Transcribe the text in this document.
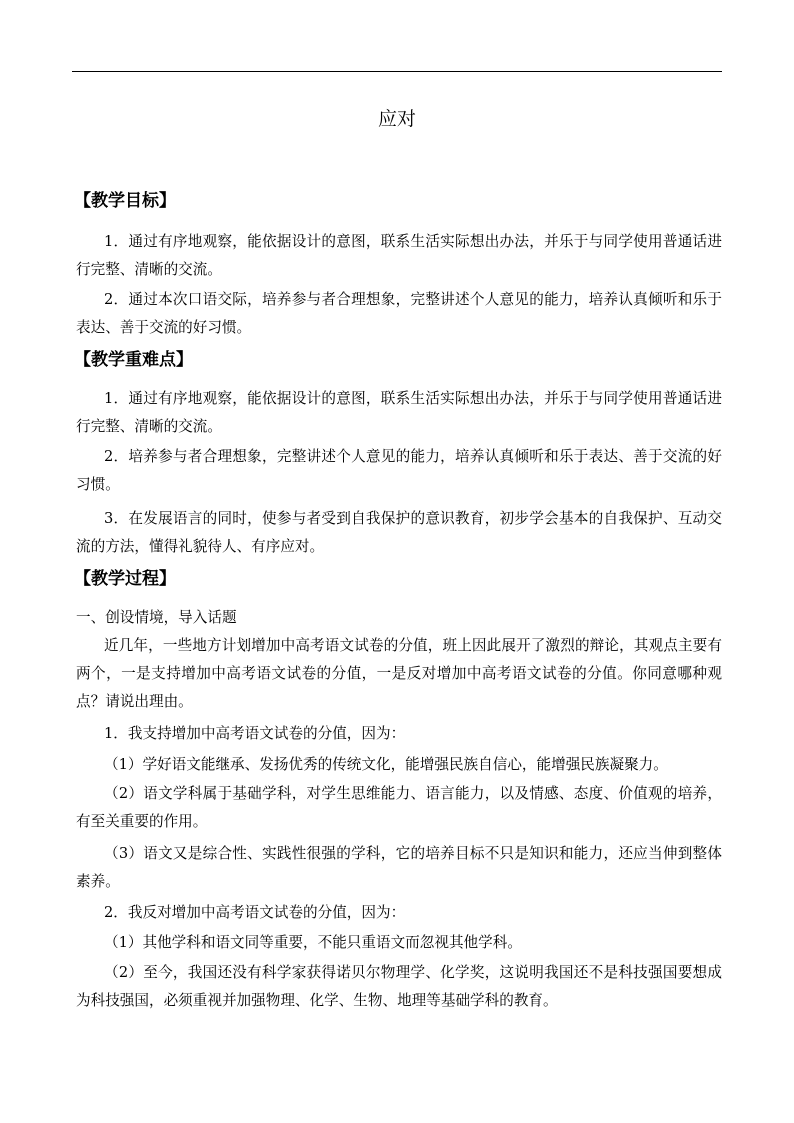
应对
【教学目标】

1．通过有序地观察，能依据设计的意图，联系生活实际想出办法，并乐于与同学使用普通话进行完整、清晰的交流。

2．通过本次口语交际，培养参与者合理想象，完整讲述个人意见的能力，培养认真倾听和乐于表达、善于交流的好习惯。

【教学重难点】

1．通过有序地观察，能依据设计的意图，联系生活实际想出办法，并乐于与同学使用普通话进行完整、清晰的交流。

2．培养参与者合理想象，完整讲述个人意见的能力，培养认真倾听和乐于表达、善于交流的好习惯。

3．在发展语言的同时，使参与者受到自我保护的意识教育，初步学会基本的自我保护、互动交流的方法，懂得礼貌待人、有序应对。

【教学过程】

一、创设情境，导入话题

近几年，一些地方计划增加中高考语文试卷的分值，班上因此展开了激烈的辩论，其观点主要有两个，一是支持增加中高考语文试卷的分值，一是反对增加中高考语文试卷的分值。你同意哪种观点？请说出理由。

1．我支持增加中高考语文试卷的分值，因为：

（1）学好语文能继承、发扬优秀的传统文化，能增强民族自信心，能增强民族凝聚力。

（2）语文学科属于基础学科，对学生思维能力、语言能力，以及情感、态度、价值观的培养，有至关重要的作用。

（3）语文又是综合性、实践性很强的学科，它的培养目标不只是知识和能力，还应当伸到整体素养。

2．我反对增加中高考语文试卷的分值，因为：

（1）其他学科和语文同等重要，不能只重语文而忽视其他学科。

（2）至今，我国还没有科学家获得诺贝尔物理学、化学奖，这说明我国还不是科技强国要想成为科技强国，必须重视并加强物理、化学、生物、地理等基础学科的教育。
